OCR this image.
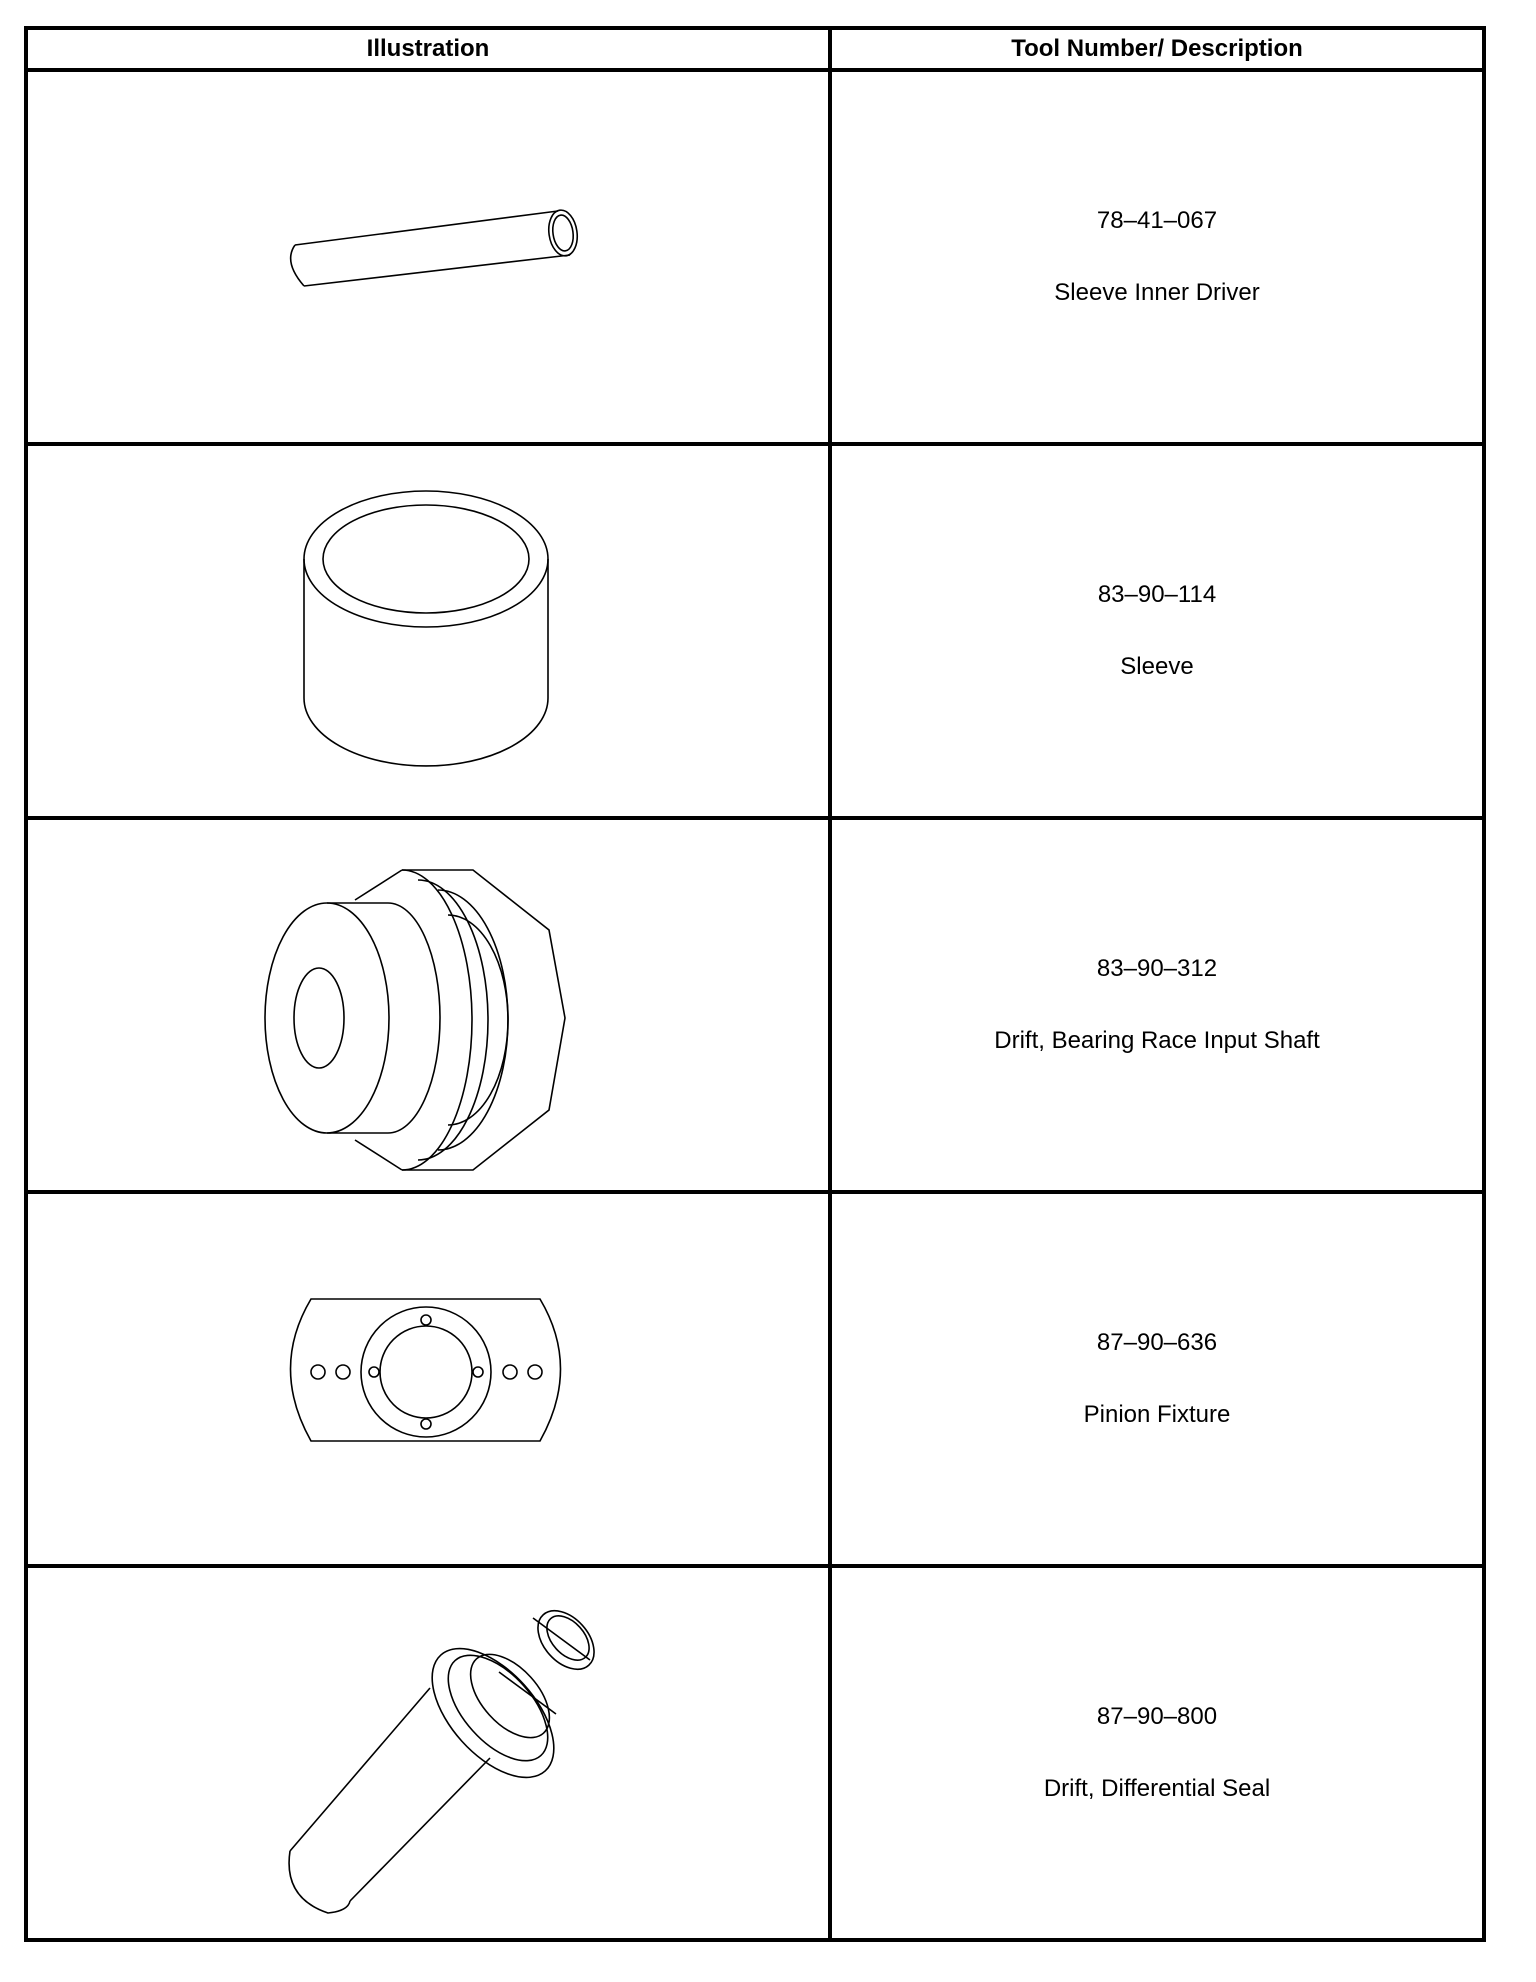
Illustration	Tool Number/ Description

78–41–067
Sleeve Inner Driver

83–90–114
Sleeve

83–90–312
Drift, Bearing Race Input Shaft

87–90–636
Pinion Fixture

87–90–800
Drift, Differential Seal
